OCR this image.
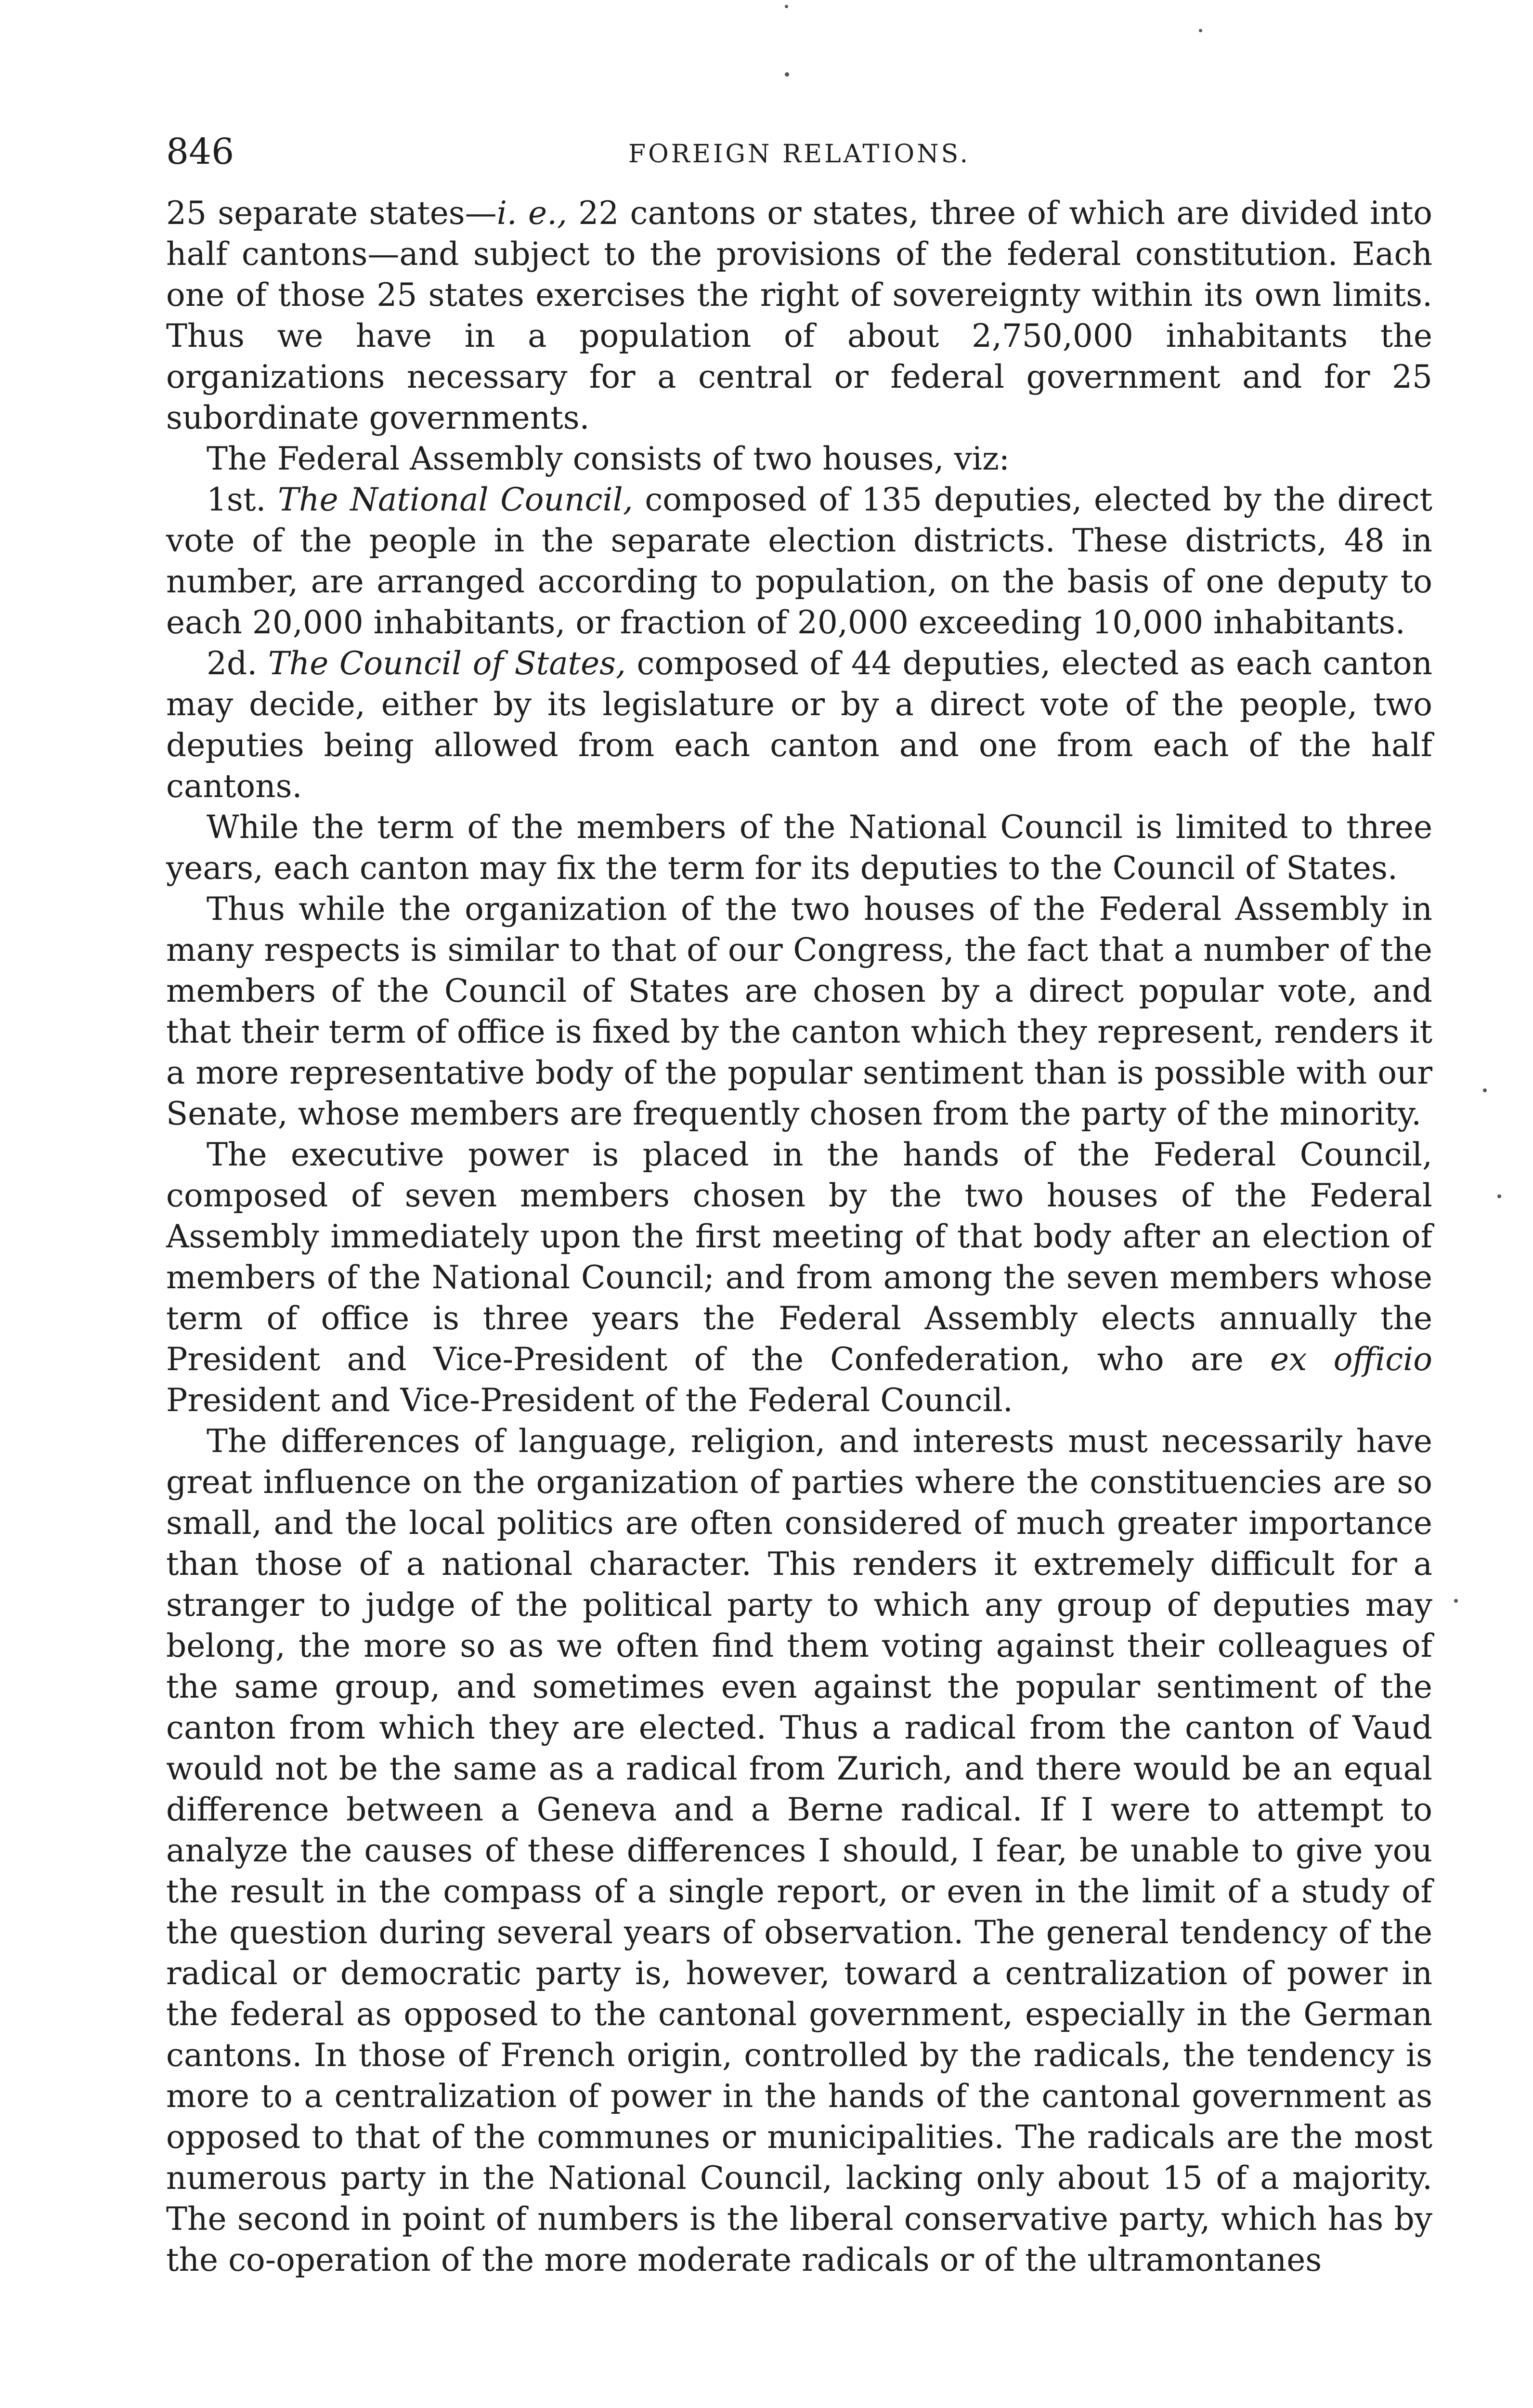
846	FOREIGN RELATIONS.

25 separate states—i. e., 22 cantons or states, three of which are divided into half cantons—and subject to the provisions of the federal constitution. Each one of those 25 states exercises the right of sovereignty within its own limits. Thus we have in a population of about 2,750,000 inhabitants the organizations necessary for a central or federal government and for 25 subordinate governments.

The Federal Assembly consists of two houses, viz:

1st. The National Council, composed of 135 deputies, elected by the direct vote of the people in the separate election districts. These districts, 48 in number, are arranged according to population, on the basis of one deputy to each 20,000 inhabitants, or fraction of 20,000 exceeding 10,000 inhabitants.

2d. The Council of States, composed of 44 deputies, elected as each canton may decide, either by its legislature or by a direct vote of the people, two deputies being allowed from each canton and one from each of the half cantons.

While the term of the members of the National Council is limited to three years, each canton may fix the term for its deputies to the Council of States.

Thus while the organization of the two houses of the Federal Assembly in many respects is similar to that of our Congress, the fact that a number of the members of the Council of States are chosen by a direct popular vote, and that their term of office is fixed by the canton which they represent, renders it a more representative body of the popular sentiment than is possible with our Senate, whose members are frequently chosen from the party of the minority.

The executive power is placed in the hands of the Federal Council, composed of seven members chosen by the two houses of the Federal Assembly immediately upon the first meeting of that body after an election of members of the National Council; and from among the seven members whose term of office is three years the Federal Assembly elects annually the President and Vice-President of the Confederation, who are ex officio President and Vice-President of the Federal Council.

The differences of language, religion, and interests must necessarily have great influence on the organization of parties where the constituencies are so small, and the local politics are often considered of much greater importance than those of a national character. This renders it extremely difficult for a stranger to judge of the political party to which any group of deputies may belong, the more so as we often find them voting against their colleagues of the same group, and sometimes even against the popular sentiment of the canton from which they are elected. Thus a radical from the canton of Vaud would not be the same as a radical from Zurich, and there would be an equal difference between a Geneva and a Berne radical. If I were to attempt to analyze the causes of these differences I should, I fear, be unable to give you the result in the compass of a single report, or even in the limit of a study of the question during several years of observation. The general tendency of the radical or democratic party is, however, toward a centralization of power in the federal as opposed to the cantonal government, especially in the German cantons. In those of French origin, controlled by the radicals, the tendency is more to a centralization of power in the hands of the cantonal government as opposed to that of the communes or municipalities. The radicals are the most numerous party in the National Council, lacking only about 15 of a majority. The second in point of numbers is the liberal conservative party, which has by the co-operation of the more moderate radicals or of the ultramontanes
